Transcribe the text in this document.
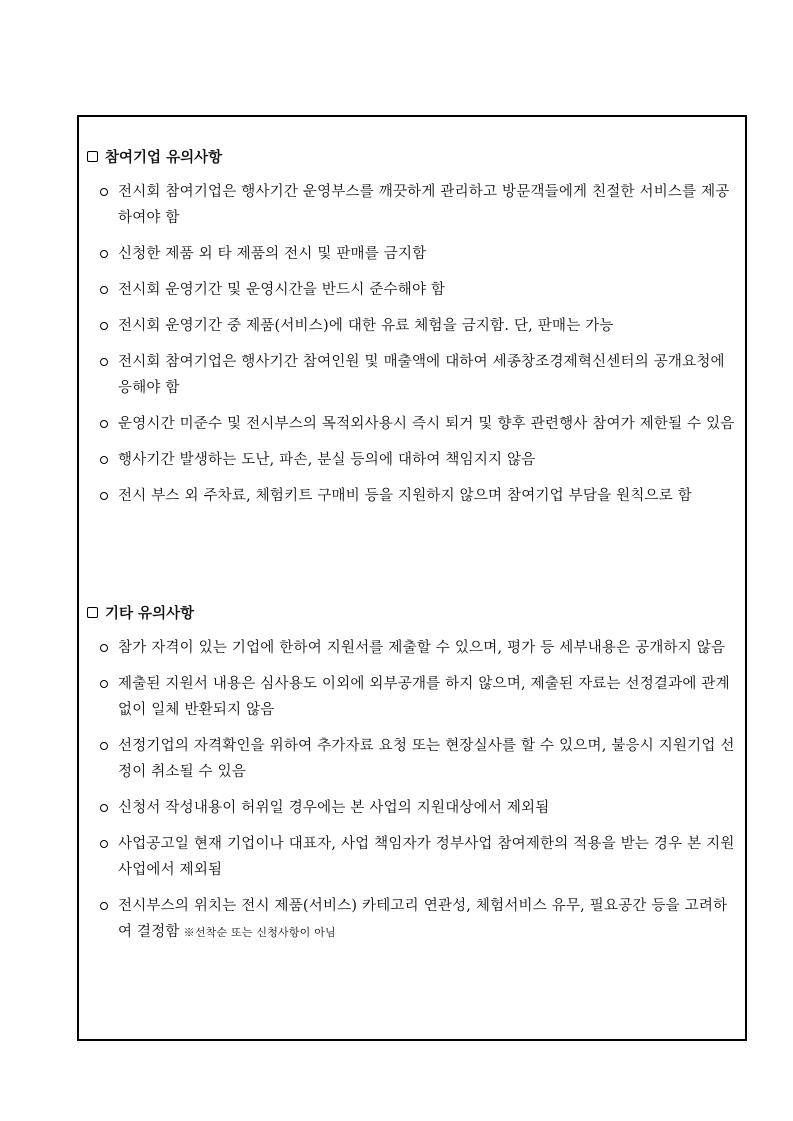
참여기업 유의사항
전시회 참여기업은 행사기간 운영부스를 깨끗하게 관리하고 방문객들에게 친절한 서비스를 제공하여야 함
신청한 제품 외 타 제품의 전시 및 판매를 금지함
전시회 운영기간 및 운영시간을 반드시 준수해야 함
전시회 운영기간 중 제품(서비스)에 대한 유료 체험을 금지함. 단, 판매는 가능
전시회 참여기업은 행사기간 참여인원 및 매출액에 대하여 세종창조경제혁신센터의 공개요청에 응해야 함
운영시간 미준수 및 전시부스의 목적외사용시 즉시 퇴거 및 향후 관련행사 참여가 제한될 수 있음
행사기간 발생하는 도난, 파손, 분실 등의에 대하여 책임지지 않음
전시 부스 외 주차료, 체험키트 구매비 등을 지원하지 않으며 참여기업 부담을 원칙으로 함
기타 유의사항
참가 자격이 있는 기업에 한하여 지원서를 제출할 수 있으며, 평가 등 세부내용은 공개하지 않음
제출된 지원서 내용은 심사용도 이외에 외부공개를 하지 않으며, 제출된 자료는 선정결과에 관계없이 일체 반환되지 않음
선정기업의 자격확인을 위하여 추가자료 요청 또는 현장실사를 할 수 있으며, 불응시 지원기업 선정이 취소될 수 있음
신청서 작성내용이 허위일 경우에는 본 사업의 지원대상에서 제외됨
사업공고일 현재 기업이나 대표자, 사업 책임자가 정부사업 참여제한의 적용을 받는 경우 본 지원사업에서 제외됨
전시부스의 위치는 전시 제품(서비스) 카테고리 연관성, 체험서비스 유무, 필요공간 등을 고려하여 결정함 ※선착순 또는 신청사항이 아님
